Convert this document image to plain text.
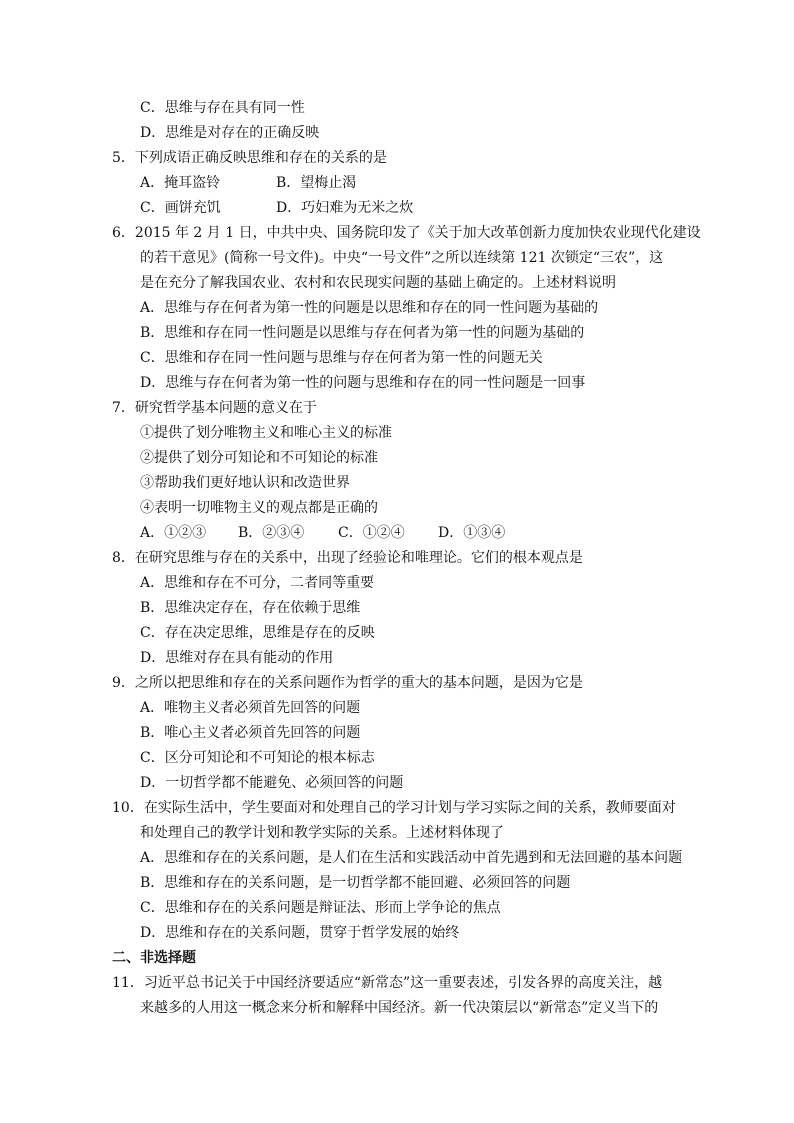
C．思维与存在具有同一性
D．思维是对存在的正确反映
5．下列成语正确反映思维和存在的关系的是
A．掩耳盗铃	B．望梅止渴
C．画饼充饥	D．巧妇难为无米之炊
6．2015 年 2 月 1 日，中共中央、国务院印发了《关于加大改革创新力度加快农业现代化建设
的若干意见》(简称一号文件)。中央“一号文件”之所以连续第 121 次锁定“三农”，这
是在充分了解我国农业、农村和农民现实问题的基础上确定的。上述材料说明
A．思维与存在何者为第一性的问题是以思维和存在的同一性问题为基础的
B．思维和存在同一性问题是以思维与存在何者为第一性的问题为基础的
C．思维和存在同一性问题与思维与存在何者为第一性的问题无关
D．思维与存在何者为第一性的问题与思维和存在的同一性问题是一回事
7．研究哲学基本问题的意义在于
①提供了划分唯物主义和唯心主义的标准
②提供了划分可知论和不可知论的标准
③帮助我们更好地认识和改造世界
④表明一切唯物主义的观点都是正确的
A．①②③	B．②③④	C．①②④	D．①③④
8．在研究思维与存在的关系中，出现了经验论和唯理论。它们的根本观点是
A．思维和存在不可分，二者同等重要
B．思维决定存在，存在依赖于思维
C．存在决定思维，思维是存在的反映
D．思维对存在具有能动的作用
9．之所以把思维和存在的关系问题作为哲学的重大的基本问题，是因为它是
A．唯物主义者必须首先回答的问题
B．唯心主义者必须首先回答的问题
C．区分可知论和不可知论的根本标志
D．一切哲学都不能避免、必须回答的问题
10．在实际生活中，学生要面对和处理自己的学习计划与学习实际之间的关系，教师要面对
和处理自己的教学计划和教学实际的关系。上述材料体现了
A．思维和存在的关系问题，是人们在生活和实践活动中首先遇到和无法回避的基本问题
B．思维和存在的关系问题，是一切哲学都不能回避、必须回答的问题
C．思维和存在的关系问题是辩证法、形而上学争论的焦点
D．思维和存在的关系问题，贯穿于哲学发展的始终
二、非选择题
11．习近平总书记关于中国经济要适应“新常态”这一重要表述，引发各界的高度关注，越
来越多的人用这一概念来分析和解释中国经济。新一代决策层以“新常态”定义当下的
